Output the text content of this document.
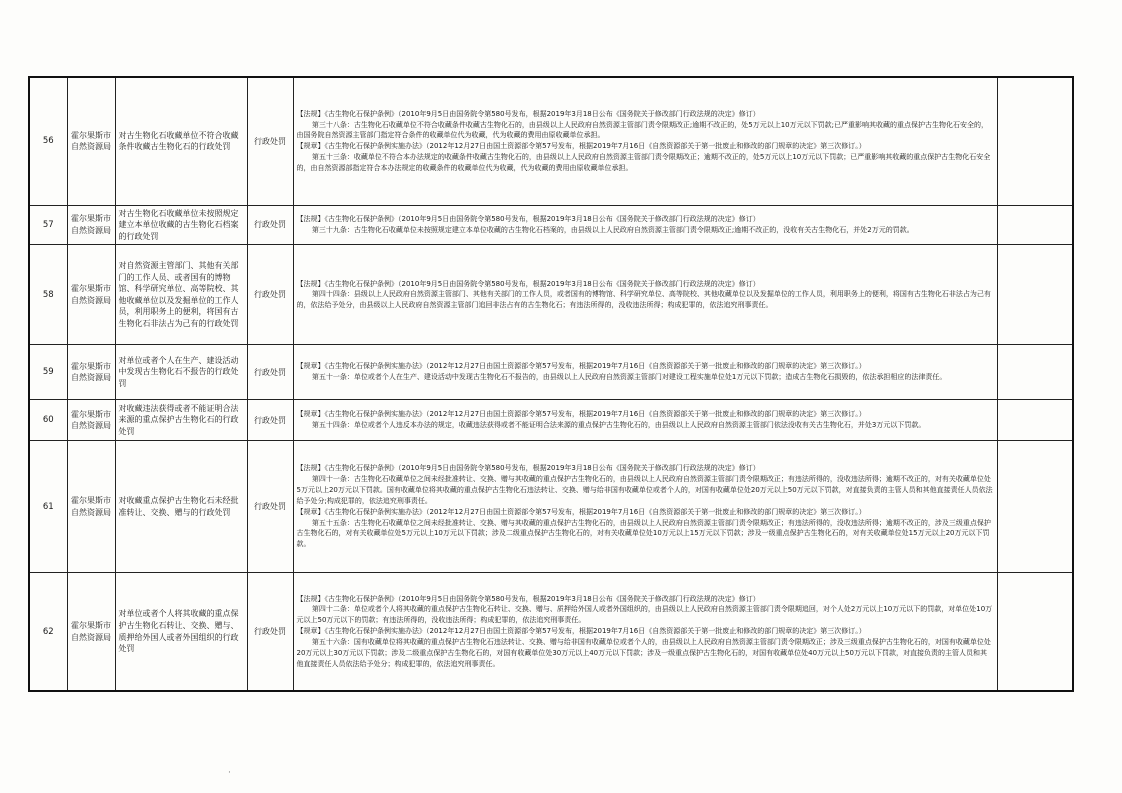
56	霍尔果斯市自然资源局	对古生物化石收藏单位不符合收藏条件收藏古生物化石的行政处罚	行政处罚	【法规】《古生物化石保护条例》（2010年9月5日由国务院令第580号发布，根据2019年3月18日公布《国务院关于修改部门行政法规的决定》修订）

第三十八条：古生物化石收藏单位不符合收藏条件收藏古生物化石的，由县级以上人民政府自然资源主管部门责令限期改正;逾期不改正的，处5万元以上10万元以下罚款;已严重影响其收藏的重点保护古生物化石安全的，由国务院自然资源主管部门指定符合条件的收藏单位代为收藏，代为收藏的费用由原收藏单位承担。

【规章】《古生物化石保护条例实施办法》（2012年12月27日由国土资源部令第57号发布，根据2019年7月16日《自然资源部关于第一批废止和修改的部门规章的决定》第三次修订。）

第五十三条：收藏单位不符合本办法规定的收藏条件收藏古生物化石的，由县级以上人民政府自然资源主管部门责令限期改正；逾期不改正的，处5万元以上10万元以下罚款；已严重影响其收藏的重点保护古生物化石安全的，由自然资源部指定符合本办法规定的收藏条件的收藏单位代为收藏，代为收藏的费用由原收藏单位承担。	

57	霍尔果斯市自然资源局	对古生物化石收藏单位未按照规定建立本单位收藏的古生物化石档案的行政处罚	行政处罚	【法规】《古生物化石保护条例》（2010年9月5日由国务院令第580号发布，根据2019年3月18日公布《国务院关于修改部门行政法规的决定》修订）

第三十九条：古生物化石收藏单位未按照规定建立本单位收藏的古生物化石档案的，由县级以上人民政府自然资源主管部门责令限期改正;逾期不改正的，没收有关古生物化石，并处2万元的罚款。	

58	霍尔果斯市自然资源局	对自然资源主管部门、其他有关部门的工作人员、或者国有的博物馆、科学研究单位、高等院校、其他收藏单位以及发掘单位的工作人员，利用职务上的便利，将国有古生物化石非法占为己有的行政处罚	行政处罚	【法规】《古生物化石保护条例》（2010年9月5日由国务院令第580号发布，根据2019年3月18日公布《国务院关于修改部门行政法规的决定》修订）

第四十四条：县级以上人民政府自然资源主管部门、其他有关部门的工作人员，或者国有的博物馆、科学研究单位、高等院校、其他收藏单位以及发掘单位的工作人员，利用职务上的便利，将国有古生物化石非法占为己有的，依法给予处分，由县级以上人民政府自然资源主管部门追回非法占有的古生物化石；有违法所得的，没收违法所得；构成犯罪的，依法追究刑事责任。	

59	霍尔果斯市自然资源局	对单位或者个人在生产、建设活动中发现古生物化石不报告的行政处罚	行政处罚	【规章】《古生物化石保护条例实施办法》（2012年12月27日由国土资源部令第57号发布，根据2019年7月16日《自然资源部关于第一批废止和修改的部门规章的决定》第三次修订。）

第五十一条：单位或者个人在生产、建设活动中发现古生物化石不报告的，由县级以上人民政府自然资源主管部门对建设工程实施单位处1万元以下罚款；造成古生物化石损毁的，依法承担相应的法律责任。	

60	霍尔果斯市自然资源局	对收藏违法获得或者不能证明合法来源的重点保护古生物化石的行政处罚	行政处罚	【规章】《古生物化石保护条例实施办法》（2012年12月27日由国土资源部令第57号发布，根据2019年7月16日《自然资源部关于第一批废止和修改的部门规章的决定》第三次修订。）

第五十四条：单位或者个人违反本办法的规定，收藏违法获得或者不能证明合法来源的重点保护古生物化石的，由县级以上人民政府自然资源主管部门依法没收有关古生物化石，并处3万元以下罚款。	

61	霍尔果斯市自然资源局	对收藏重点保护古生物化石未经批准转让、交换、赠与的行政处罚	行政处罚	【法规】《古生物化石保护条例》（2010年9月5日由国务院令第580号发布，根据2019年3月18日公布《国务院关于修改部门行政法规的决定》修订）

第四十一条：古生物化石收藏单位之间未经批准转让、交换、赠与其收藏的重点保护古生物化石的，由县级以上人民政府自然资源主管部门责令限期改正；有违法所得的，没收违法所得；逾期不改正的，对有关收藏单位处5万元以上20万元以下罚款。国有收藏单位将其收藏的重点保护古生物化石违法转让、交换、赠与给非国有收藏单位或者个人的，对国有收藏单位处20万元以上50万元以下罚款，对直接负责的主管人员和其他直接责任人员依法给予处分;构成犯罪的，依法追究刑事责任。

【规章】《古生物化石保护条例实施办法》（2012年12月27日由国土资源部令第57号发布，根据2019年7月16日《自然资源部关于第一批废止和修改的部门规章的决定》第三次修订。）

第五十五条：古生物化石收藏单位之间未经批准转让、交换、赠与其收藏的重点保护古生物化石的，由县级以上人民政府自然资源主管部门责令限期改正；有违法所得的，没收违法所得；逾期不改正的，涉及三级重点保护古生物化石的，对有关收藏单位处5万元以上10万元以下罚款；涉及二级重点保护古生物化石的，对有关收藏单位处10万元以上15万元以下罚款；涉及一级重点保护古生物化石的，对有关收藏单位处15万元以上20万元以下罚款。	

62	霍尔果斯市自然资源局	对单位或者个人将其收藏的重点保护古生物化石转让、交换、赠与、质押给外国人或者外国组织的行政处罚	行政处罚	【法规】《古生物化石保护条例》（2010年9月5日由国务院令第580号发布，根据2019年3月18日公布《国务院关于修改部门行政法规的决定》修订）

第四十二条：单位或者个人将其收藏的重点保护古生物化石转让、交换、赠与、质押给外国人或者外国组织的，由县级以上人民政府自然资源主管部门责令限期追回，对个人处2万元以上10万元以下的罚款，对单位处10万元以上50万元以下的罚款；有违法所得的，没收违法所得；构成犯罪的，依法追究刑事责任。

【规章】《古生物化石保护条例实施办法》（2012年12月27日由国土资源部令第57号发布，根据2019年7月16日《自然资源部关于第一批废止和修改的部门规章的决定》第三次修订。）

第五十六条：国有收藏单位将其收藏的重点保护古生物化石违法转让、交换、赠与给非国有收藏单位或者个人的，由县级以上人民政府自然资源主管部门责令限期改正；涉及三级重点保护古生物化石的，对国有收藏单位处20万元以上30万元以下罚款；涉及二级重点保护古生物化石的，对国有收藏单位处30万元以上40万元以下罚款；涉及一级重点保护古生物化石的，对国有收藏单位处40万元以上50万元以下罚款，对直接负责的主管人员和其他直接责任人员依法给予处分；构成犯罪的，依法追究刑事责任。	

·
